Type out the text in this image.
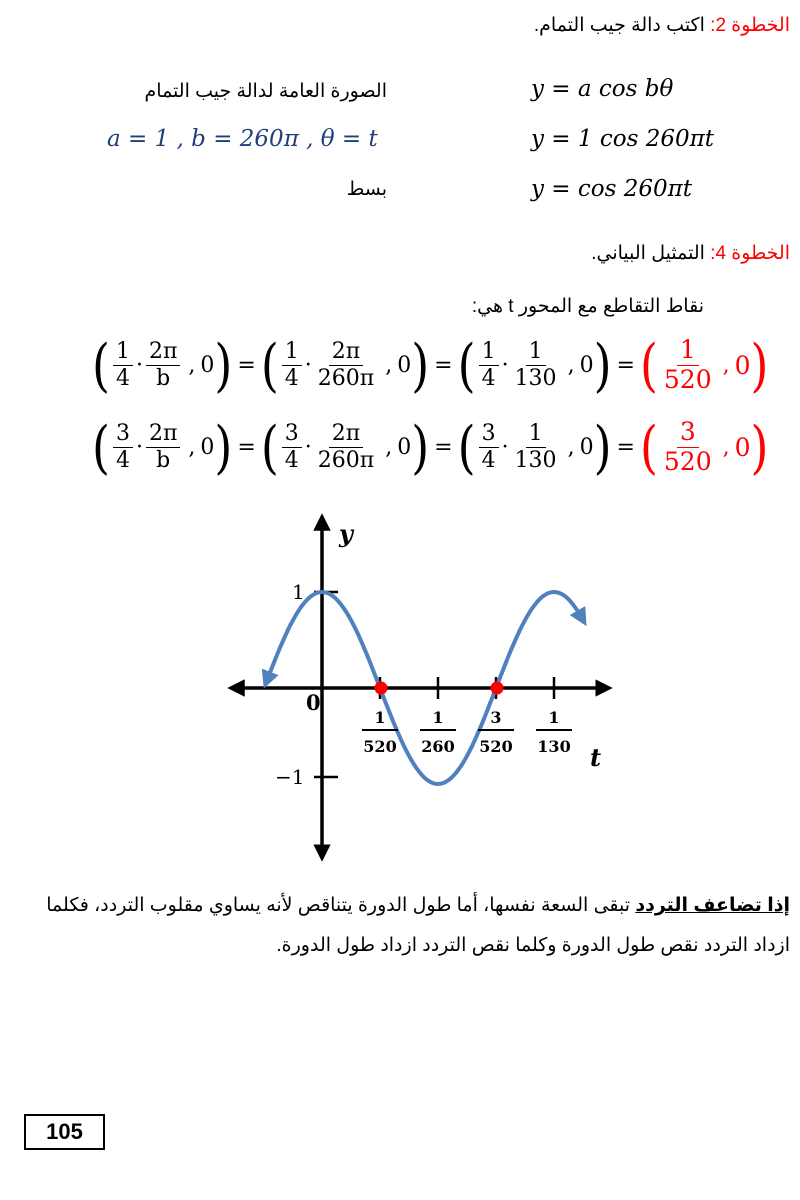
الخطوة 2: اكتب دالة جيب التمام.
الصورة العامة لدالة جيب التمام	y = a cos bθ
a = 1 , b = 260π , θ = t	y = 1 cos 260πt
بسط	y = cos 260πt
الخطوة 4: التمثيل البياني.
نقاط التقاطع مع المحور t هي:
( $\frac{1}{4} \cdot \frac{2\pi}{b}$ , 0 ) = ( $\frac{1}{4} \cdot \frac{2\pi}{260\pi}$ , 0 ) = ( $\frac{1}{4} \cdot \frac{1}{130}$ , 0 ) = ( $\frac{1}{520}$ , 0 )
( $\frac{3}{4} \cdot \frac{2\pi}{b}$ , 0 ) = ( $\frac{3}{4} \cdot \frac{2\pi}{260\pi}$ , 0 ) = ( $\frac{3}{4} \cdot \frac{1}{130}$ , 0 ) = ( $\frac{3}{520}$ , 0 )
y
t
0
1
−1
1
520
1
260
3
520
1
130
إذا تضاعف التردد تبقى السعة نفسها، أما طول الدورة يتناقص لأنه يساوي مقلوب التردد، فكلما ازداد التردد نقص طول الدورة وكلما نقص التردد ازداد طول الدورة.
105
